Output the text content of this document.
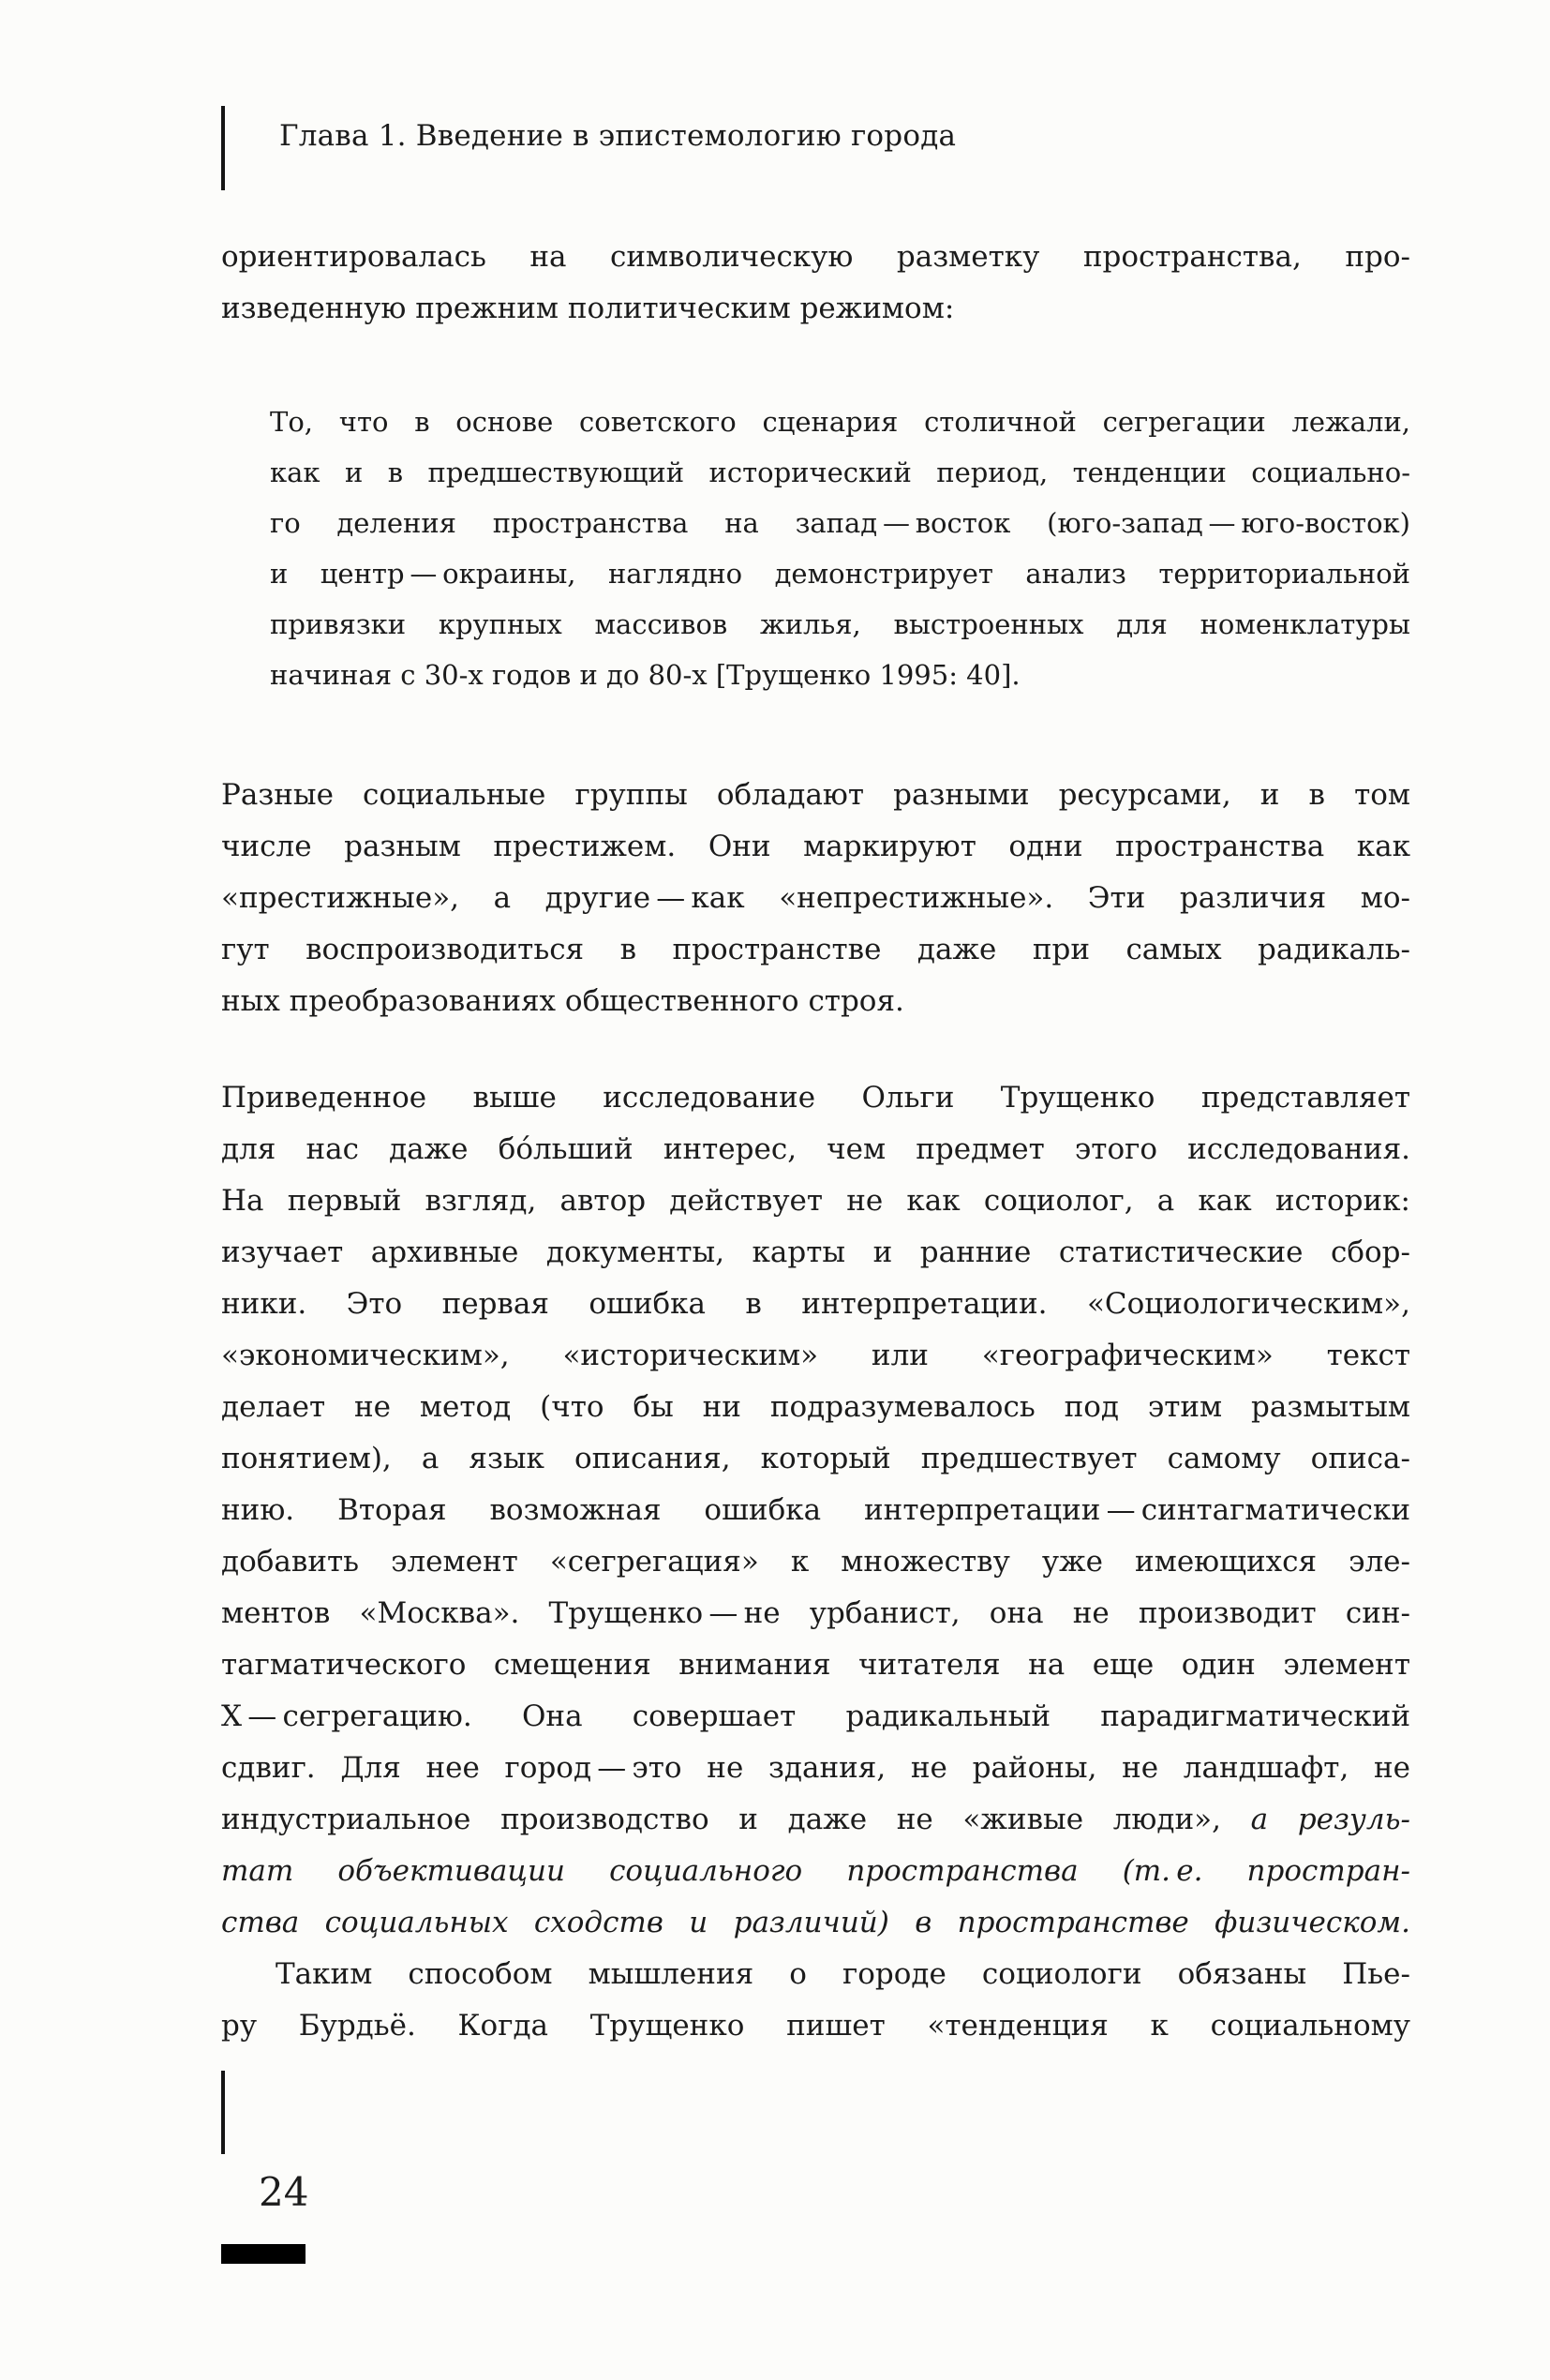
Глава 1. Введение в эпистемологию города
ориентировалась на символическую разметку пространства, про-
изведенную прежним политическим режимом:
То, что в основе советского сценария столичной сегрегации лежали,
как и в предшествующий исторический период, тенденции социально-
го деления пространства на запад — восток (юго-запад — юго-восток)
и центр — окраины, наглядно демонстрирует анализ территориальной
привязки крупных массивов жилья, выстроенных для номенклатуры
начиная с 30-х годов и до 80-х [Трущенко 1995: 40].
Разные социальные группы обладают разными ресурсами, и в том
числе разным престижем. Они маркируют одни пространства как
«престижные», а другие — как «непрестижные». Эти различия мо-
гут воспроизводиться в пространстве даже при самых радикаль-
ных преобразованиях общественного строя.
Приведенное выше исследование Ольги Трущенко представляет
для нас даже бо́льший интерес, чем предмет этого исследования.
На первый взгляд, автор действует не как социолог, а как историк:
изучает архивные документы, карты и ранние статистические сбор-
ники. Это первая ошибка в интерпретации. «Социологическим»,
«экономическим», «историческим» или «географическим» текст
делает не метод (что бы ни подразумевалось под этим размытым
понятием), а язык описания, который предшествует самому описа-
нию. Вторая возможная ошибка интерпретации — синтагматически
добавить элемент «сегрегация» к множеству уже имеющихся эле-
ментов «Москва». Трущенко — не урбанист, она не производит син-
тагматического смещения внимания читателя на еще один элемент
Х — сегрегацию. Она совершает радикальный парадигматический
сдвиг. Для нее город — это не здания, не районы, не ландшафт, не
индустриальное производство и даже не «живые люди», а резуль-
тат объективации социального пространства (т. е. простран-
ства социальных сходств и различий) в пространстве физическом.
Таким способом мышления о городе социологи обязаны Пье-
ру Бурдьё. Когда Трущенко пишет «тенденция к социальному
24
